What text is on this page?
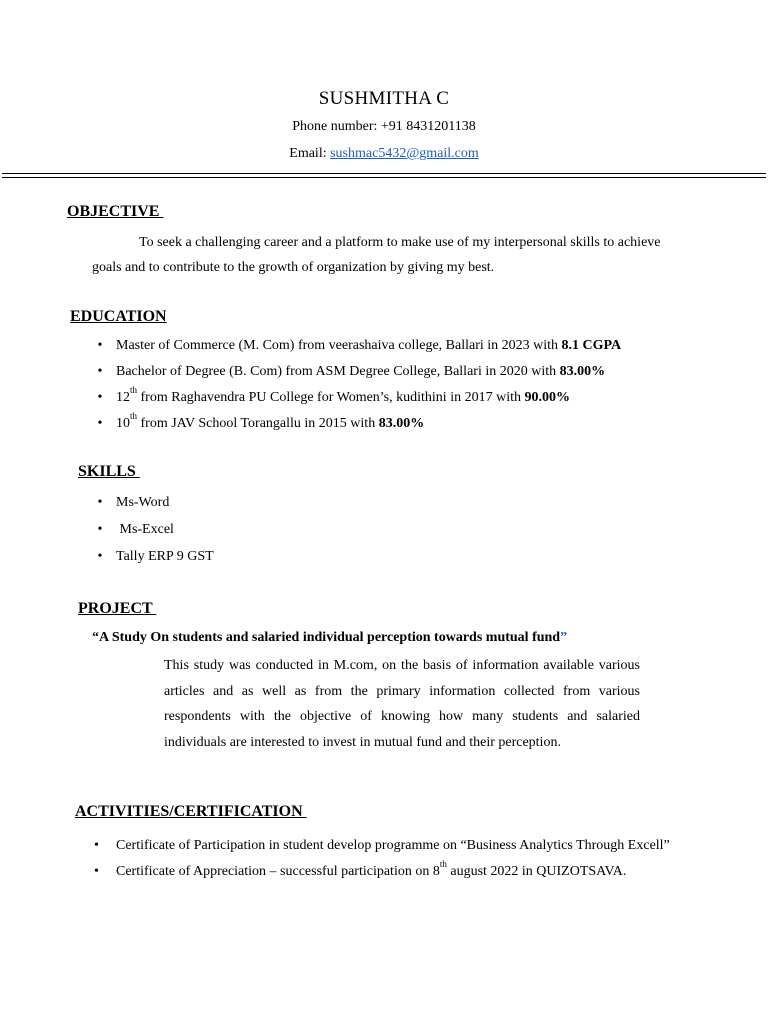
SUSHMITHA C
Phone number: +91 8431201138
Email: sushmac5432@gmail.com
OBJECTIVE
To seek a challenging career and a platform to make use of my interpersonal skills to achieve goals and to contribute to the growth of organization by giving my best.
EDUCATION
• Master of Commerce (M. Com) from veerashaiva college, Ballari in 2023 with 8.1 CGPA
• Bachelor of Degree (B. Com) from ASM Degree College, Ballari in 2020 with 83.00%
• 12th from Raghavendra PU College for Women’s, kudithini in 2017 with 90.00%
• 10th from JAV School Torangallu in 2015 with 83.00%
SKILLS
• Ms-Word
• Ms-Excel
• Tally ERP 9 GST
PROJECT
“A Study On students and salaried individual perception towards mutual fund”
This study was conducted in M.com, on the basis of information available various articles and as well as from the primary information collected from various respondents with the objective of knowing how many students and salaried individuals are interested to invest in mutual fund and their perception.
ACTIVITIES/CERTIFICATION
•	Certificate of Participation in student develop programme on “Business Analytics Through Excell”
•	Certificate of Appreciation – successful participation on 8th august 2022 in QUIZOTSAVA.
